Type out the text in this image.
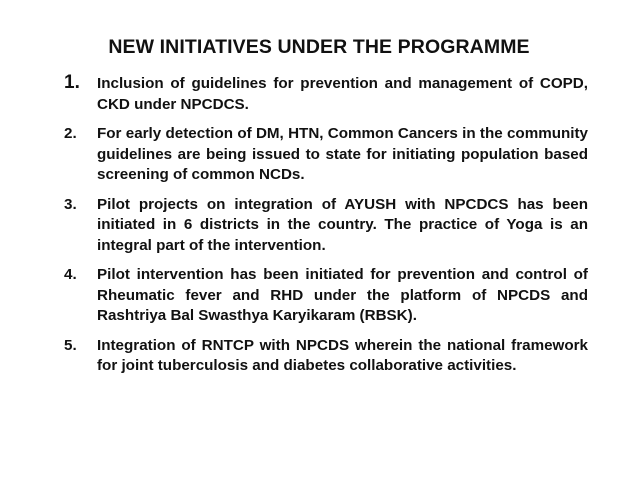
NEW INITIATIVES UNDER THE PROGRAMME
1. Inclusion of guidelines for prevention and management of COPD, CKD under NPCDCS.
2. For early detection of DM, HTN, Common Cancers in the community guidelines are being issued to state for initiating population based screening of common NCDs.
3. Pilot projects on integration of AYUSH with NPCDCS has been initiated in 6 districts in the country. The practice of Yoga is an integral part of the intervention.
4. Pilot intervention has been initiated for prevention and control of Rheumatic fever and RHD under the platform of NPCDS and Rashtriya Bal Swasthya Karyikaram (RBSK).
5. Integration of RNTCP with NPCDS wherein the national framework for joint tuberculosis and diabetes collaborative activities.
